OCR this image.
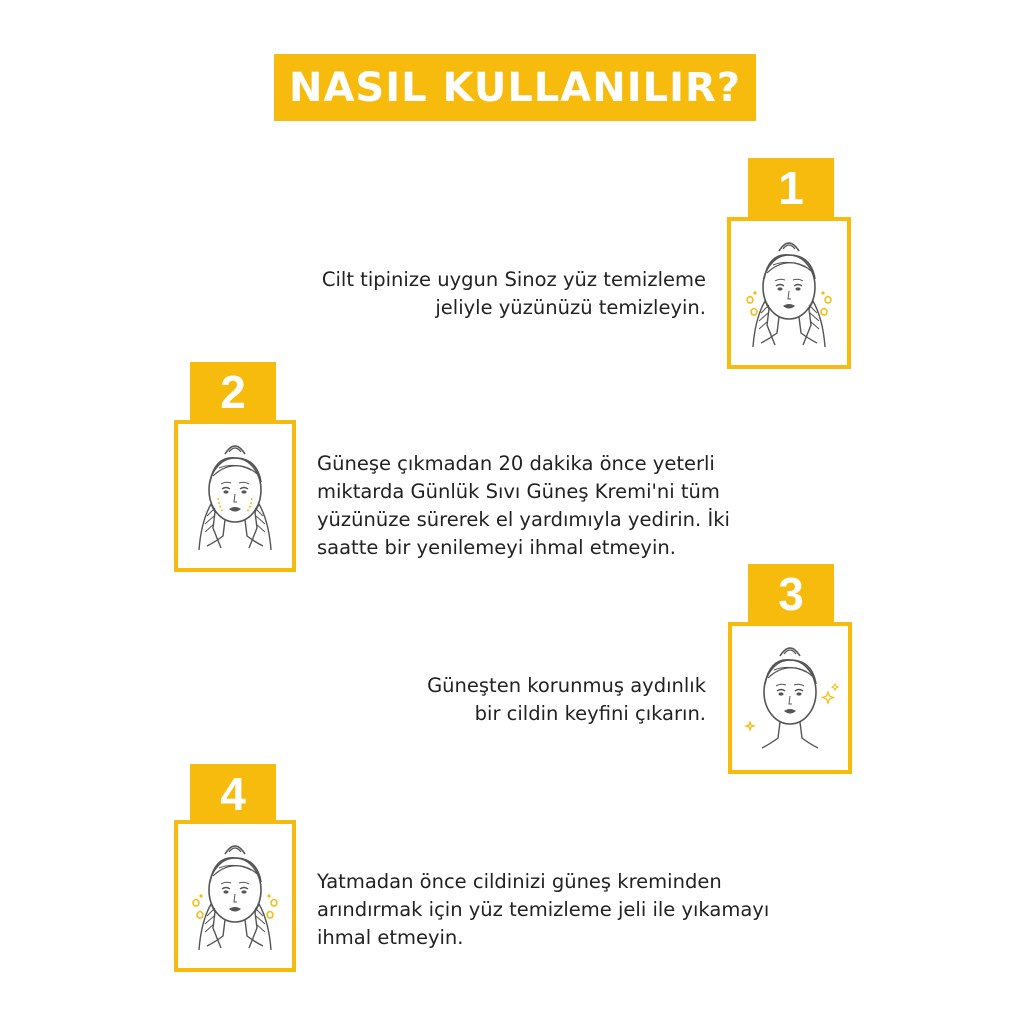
NASIL KULLANILIR?
1
Cilt tipinize uygun Sinoz yüz temizleme
jeliyle yüzünüzü temizleyin.
2
Güneşe çıkmadan 20 dakika önce yeterli
miktarda Günlük Sıvı Güneş Kremi'ni tüm
yüzünüze sürerek el yardımıyla yedirin. İki
saatte bir yenilemeyi ihmal etmeyin.
3
Güneşten korunmuş aydınlık
bir cildin keyfini çıkarın.
4
Yatmadan önce cildinizi güneş kreminden
arındırmak için yüz temizleme jeli ile yıkamayı
ihmal etmeyin.
